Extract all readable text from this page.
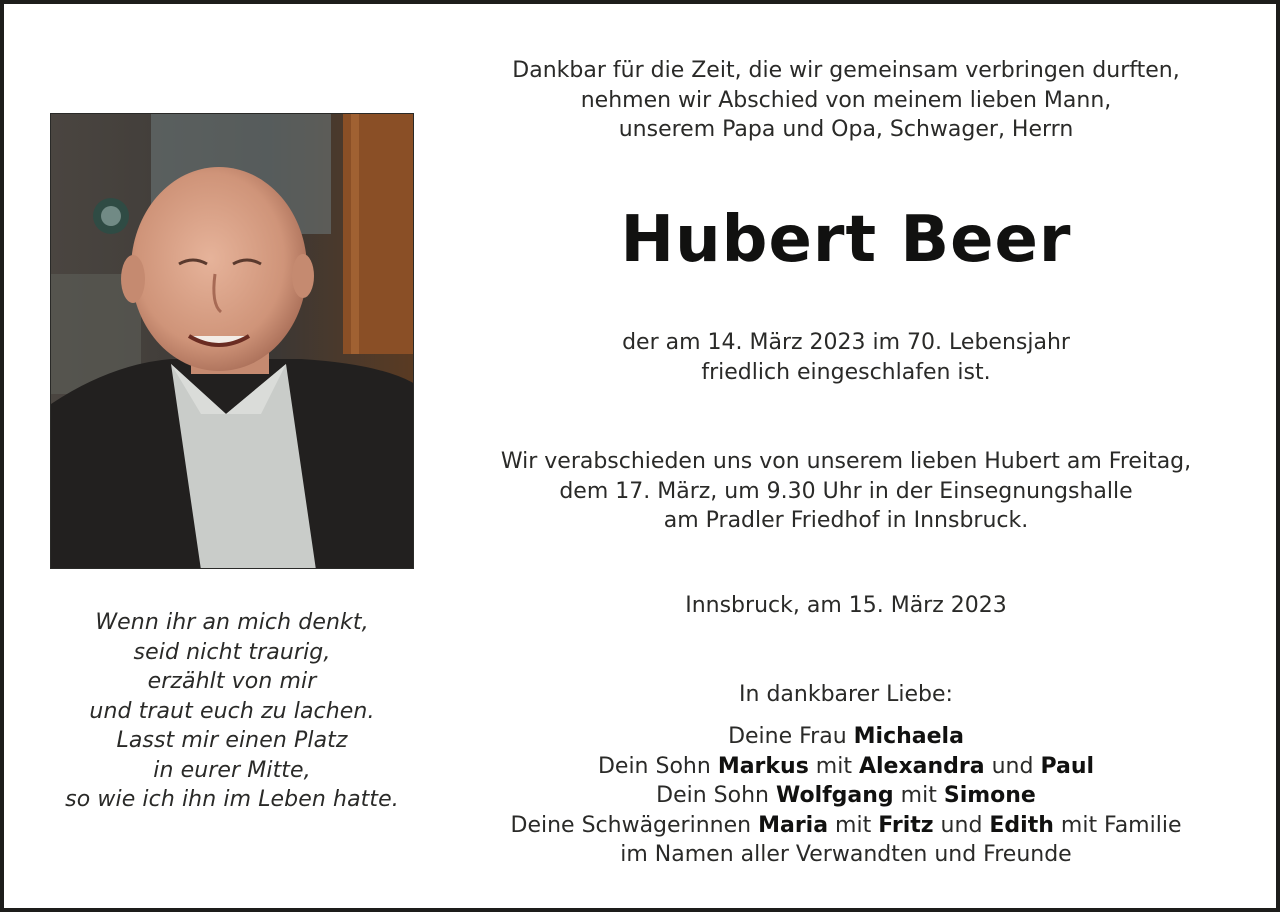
Wenn ihr an mich denkt,
seid nicht traurig,
erzählt von mir
und traut euch zu lachen.
Lasst mir einen Platz
in eurer Mitte,
so wie ich ihn im Leben hatte.
Dankbar für die Zeit, die wir gemeinsam verbringen durften,
nehmen wir Abschied von meinem lieben Mann,
unserem Papa und Opa, Schwager, Herrn
Hubert Beer
der am 14. März 2023 im 70. Lebensjahr
friedlich eingeschlafen ist.
Wir verabschieden uns von unserem lieben Hubert am Freitag,
dem 17. März, um 9.30 Uhr in der Einsegnungshalle
am Pradler Friedhof in Innsbruck.
Innsbruck, am 15. März 2023
In dankbarer Liebe:
Deine Frau Michaela
Dein Sohn Markus mit Alexandra und Paul
Dein Sohn Wolfgang mit Simone
Deine Schwägerinnen Maria mit Fritz und Edith mit Familie
im Namen aller Verwandten und Freunde
